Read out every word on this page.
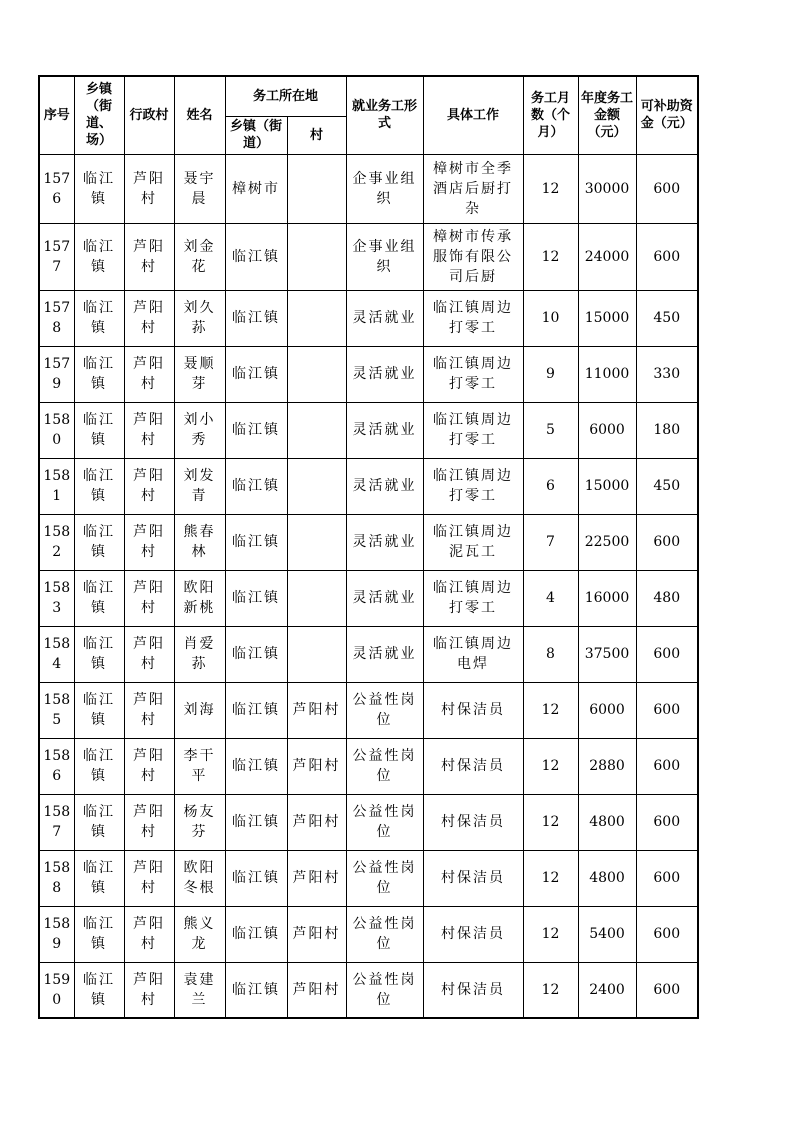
序号	乡镇（街道、场）	行政村	姓名	务工所在地		就业务工形式	具体工作	务工月数（个月）	年度务工金额（元）	可补助资金（元）
				乡镇（街道）	村					
1576	临江镇	芦阳村	聂宇晨	樟树市		企事业组织	樟树市全季酒店后厨打杂	12	30000	600
1577	临江镇	芦阳村	刘金花	临江镇		企事业组织	樟树市传承服饰有限公司后厨	12	24000	600
1578	临江镇	芦阳村	刘久荪	临江镇		灵活就业	临江镇周边打零工	10	15000	450
1579	临江镇	芦阳村	聂顺芽	临江镇		灵活就业	临江镇周边打零工	9	11000	330
1580	临江镇	芦阳村	刘小秀	临江镇		灵活就业	临江镇周边打零工	5	6000	180
1581	临江镇	芦阳村	刘发青	临江镇		灵活就业	临江镇周边打零工	6	15000	450
1582	临江镇	芦阳村	熊春林	临江镇		灵活就业	临江镇周边泥瓦工	7	22500	600
1583	临江镇	芦阳村	欧阳新桃	临江镇		灵活就业	临江镇周边打零工	4	16000	480
1584	临江镇	芦阳村	肖爱荪	临江镇		灵活就业	临江镇周边电焊	8	37500	600
1585	临江镇	芦阳村	刘海	临江镇	芦阳村	公益性岗位	村保洁员	12	6000	600
1586	临江镇	芦阳村	李干平	临江镇	芦阳村	公益性岗位	村保洁员	12	2880	600
1587	临江镇	芦阳村	杨友芬	临江镇	芦阳村	公益性岗位	村保洁员	12	4800	600
1588	临江镇	芦阳村	欧阳冬根	临江镇	芦阳村	公益性岗位	村保洁员	12	4800	600
1589	临江镇	芦阳村	熊义龙	临江镇	芦阳村	公益性岗位	村保洁员	12	5400	600
1590	临江镇	芦阳村	袁建兰	临江镇	芦阳村	公益性岗位	村保洁员	12	2400	600
